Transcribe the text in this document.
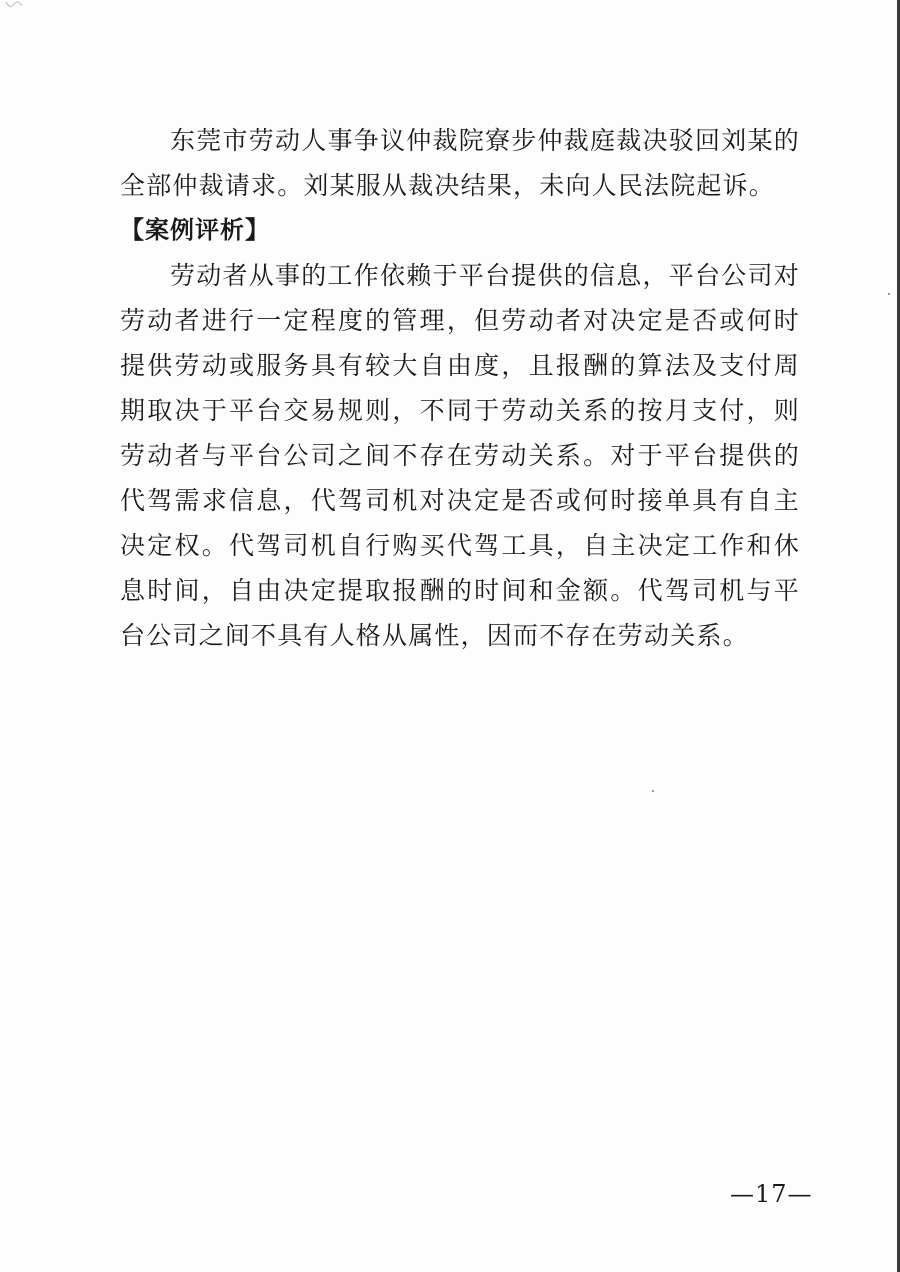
东莞市劳动人事争议仲裁院寮步仲裁庭裁决驳回刘某的全部仲裁请求。刘某服从裁决结果，未向人民法院起诉。

【案例评析】

劳动者从事的工作依赖于平台提供的信息，平台公司对劳动者进行一定程度的管理，但劳动者对决定是否或何时提供劳动或服务具有较大自由度，且报酬的算法及支付周期取决于平台交易规则，不同于劳动关系的按月支付，则劳动者与平台公司之间不存在劳动关系。对于平台提供的代驾需求信息，代驾司机对决定是否或何时接单具有自主决定权。代驾司机自行购买代驾工具，自主决定工作和休息时间，自由决定提取报酬的时间和金额。代驾司机与平台公司之间不具有人格从属性，因而不存在劳动关系。

—17—
